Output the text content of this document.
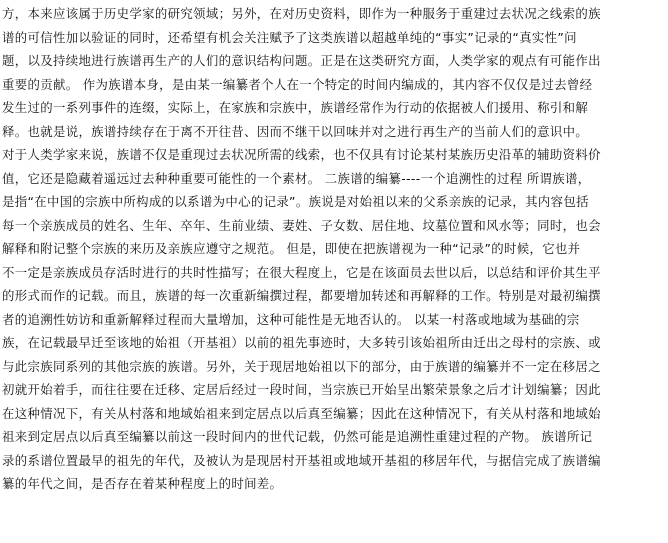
方，本来应该属于历史学家的研究领域；另外，在对历史资料，即作为一种服务于重建过去状况之线索的族
谱的可信性加以验证的同时，还希望有机会关注赋予了这类族谱以超越单纯的“事实”记录的“真实性”问
题，以及持续地进行族谱再生产的人们的意识结构问题。正是在这类研究方面，人类学家的观点有可能作出
重要的贡献。 作为族谱本身，是由某一编纂者个人在一个特定的时间内编成的，其内容不仅仅是过去曾经
发生过的一系列事件的连缀，实际上，在家族和宗族中，族谱经常作为行动的依据被人们援用、称引和解
释。也就是说，族谱持续存在于离不开往昔、因而不继干以回味并对之进行再生产的当前人们的意识中。
对于人类学家来说，族谱不仅是重现过去状况所需的线索，也不仅具有讨论某村某族历史沿革的辅助资料价
值，它还是隐藏着遥远过去种种重要可能性的一个素材。 二族谱的编纂----一个追溯性的过程 所谓族谱，
是指“在中国的宗族中所构成的以系谱为中心的记录”。族说是对始祖以来的父系亲族的记录，其内容包括
每一个亲族成员的姓名、生年、卒年、生前业绩、妻姓、子女数、居住地、坟墓位置和风水等；同时，也会
解释和附记整个宗族的来历及亲族应遵守之规范。 但是，即使在把族谱视为一种“记录”的时候，它也并
不一定是亲族成员存活时进行的共时性描写；在很大程度上，它是在该面员去世以后，以总结和评价其生平
的形式而作的记载。而且，族谱的每一次重新编撰过程，都要增加转述和再解释的工作。特别是对最初编撰
者的追溯性妨访和重新解释过程而大量增加，这种可能性是无地否认的。 以某一村落或地域为基础的宗
族，在记载最早迁至该地的始祖（开基祖）以前的祖先事迹时，大多转引该始祖所由迁出之母村的宗族、或
与此宗族同系列的其他宗族的族谱。另外，关于现居地始祖以下的部分，由于族谱的编纂并不一定在移居之
初就开始着手，而往往要在迁移、定居后经过一段时间，当宗族已开始呈出繁荣景象之后才计划编纂；因此
在这种情况下，有关从村落和地域始祖来到定居点以后真至编纂；因此在这种情况下，有关从村落和地域始
祖来到定居点以后真至编纂以前这一段时间内的世代记载，仍然可能是追溯性重建过程的产物。 族谱所记
录的系谱位置最早的祖先的年代，及被认为是现居村开基祖或地域开基祖的移居年代，与据信完成了族谱编
纂的年代之间，是否存在着某种程度上的时间差。
